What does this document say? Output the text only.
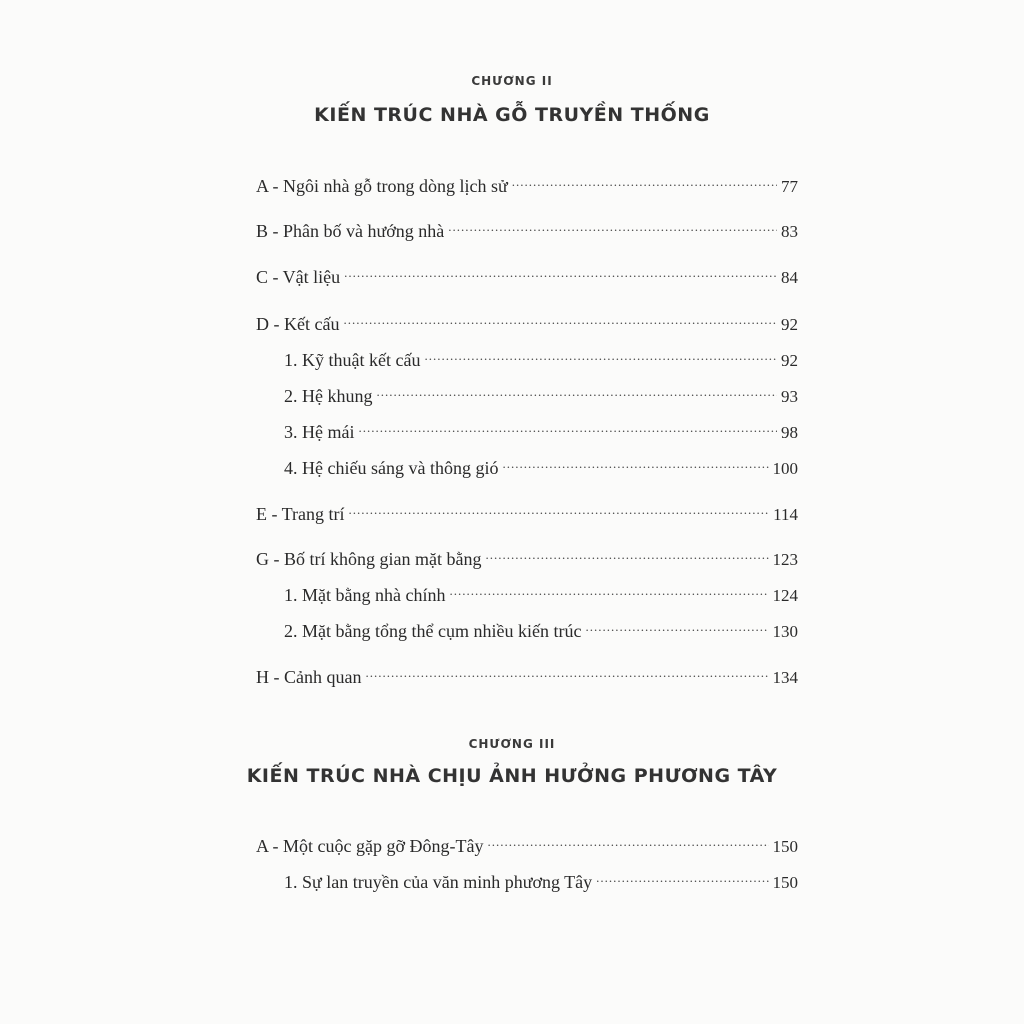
CHƯƠNG II
KIẾN TRÚC NHÀ GỖ TRUYỀN THỐNG
A - Ngôi nhà gỗ trong dòng lịch sử .....	77
B - Phân bố và hướng nhà .....	83
C - Vật liệu .....	84
D - Kết cấu .....	92
1. Kỹ thuật kết cấu .....	92
2. Hệ khung .....	93
3. Hệ mái .....	98
4. Hệ chiếu sáng và thông gió .....	100
E - Trang trí .....	114
G - Bố trí không gian mặt bằng .....	123
1. Mặt bằng nhà chính .....	124
2. Mặt bằng tổng thể cụm nhiều kiến trúc .....	130
H - Cảnh quan .....	134
CHƯƠNG III
KIẾN TRÚC NHÀ CHỊU ẢNH HƯỞNG PHƯƠNG TÂY
A - Một cuộc gặp gỡ Đông-Tây .....	150
1. Sự lan truyền của văn minh phương Tây .....	150
